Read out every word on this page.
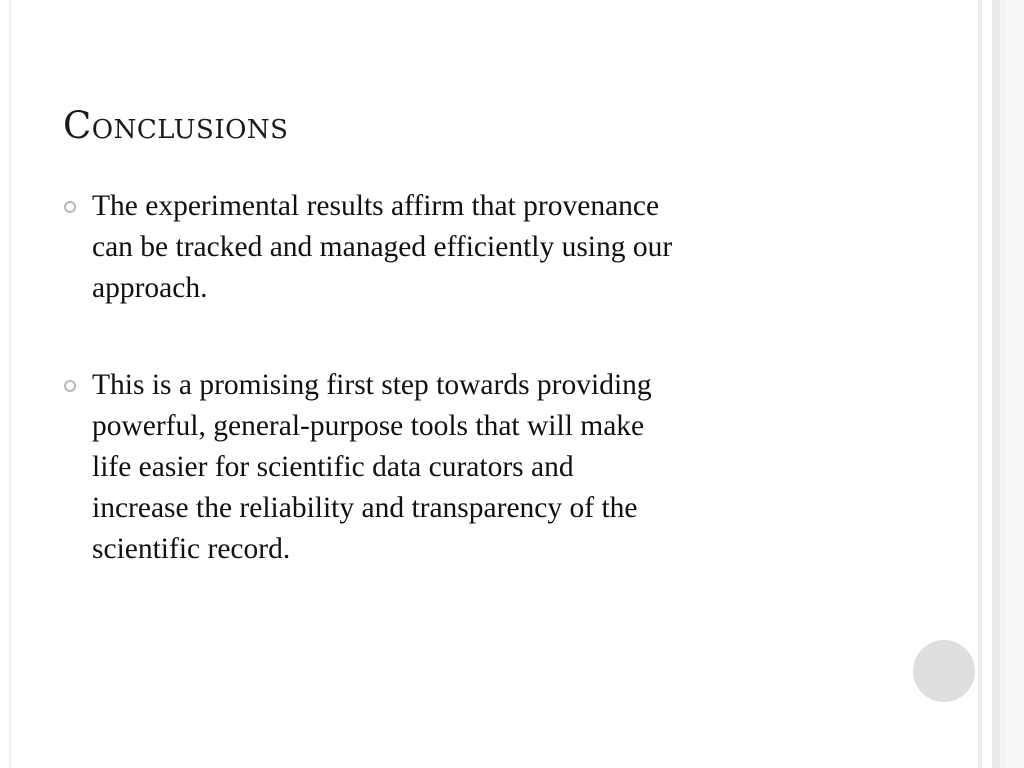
Conclusions
The experimental results affirm that provenance
can be tracked and managed efficiently using our
approach.
This is a promising first step towards providing
powerful, general-purpose tools that will make
life easier for scientific data curators and
increase the reliability and transparency of the
scientific record.
